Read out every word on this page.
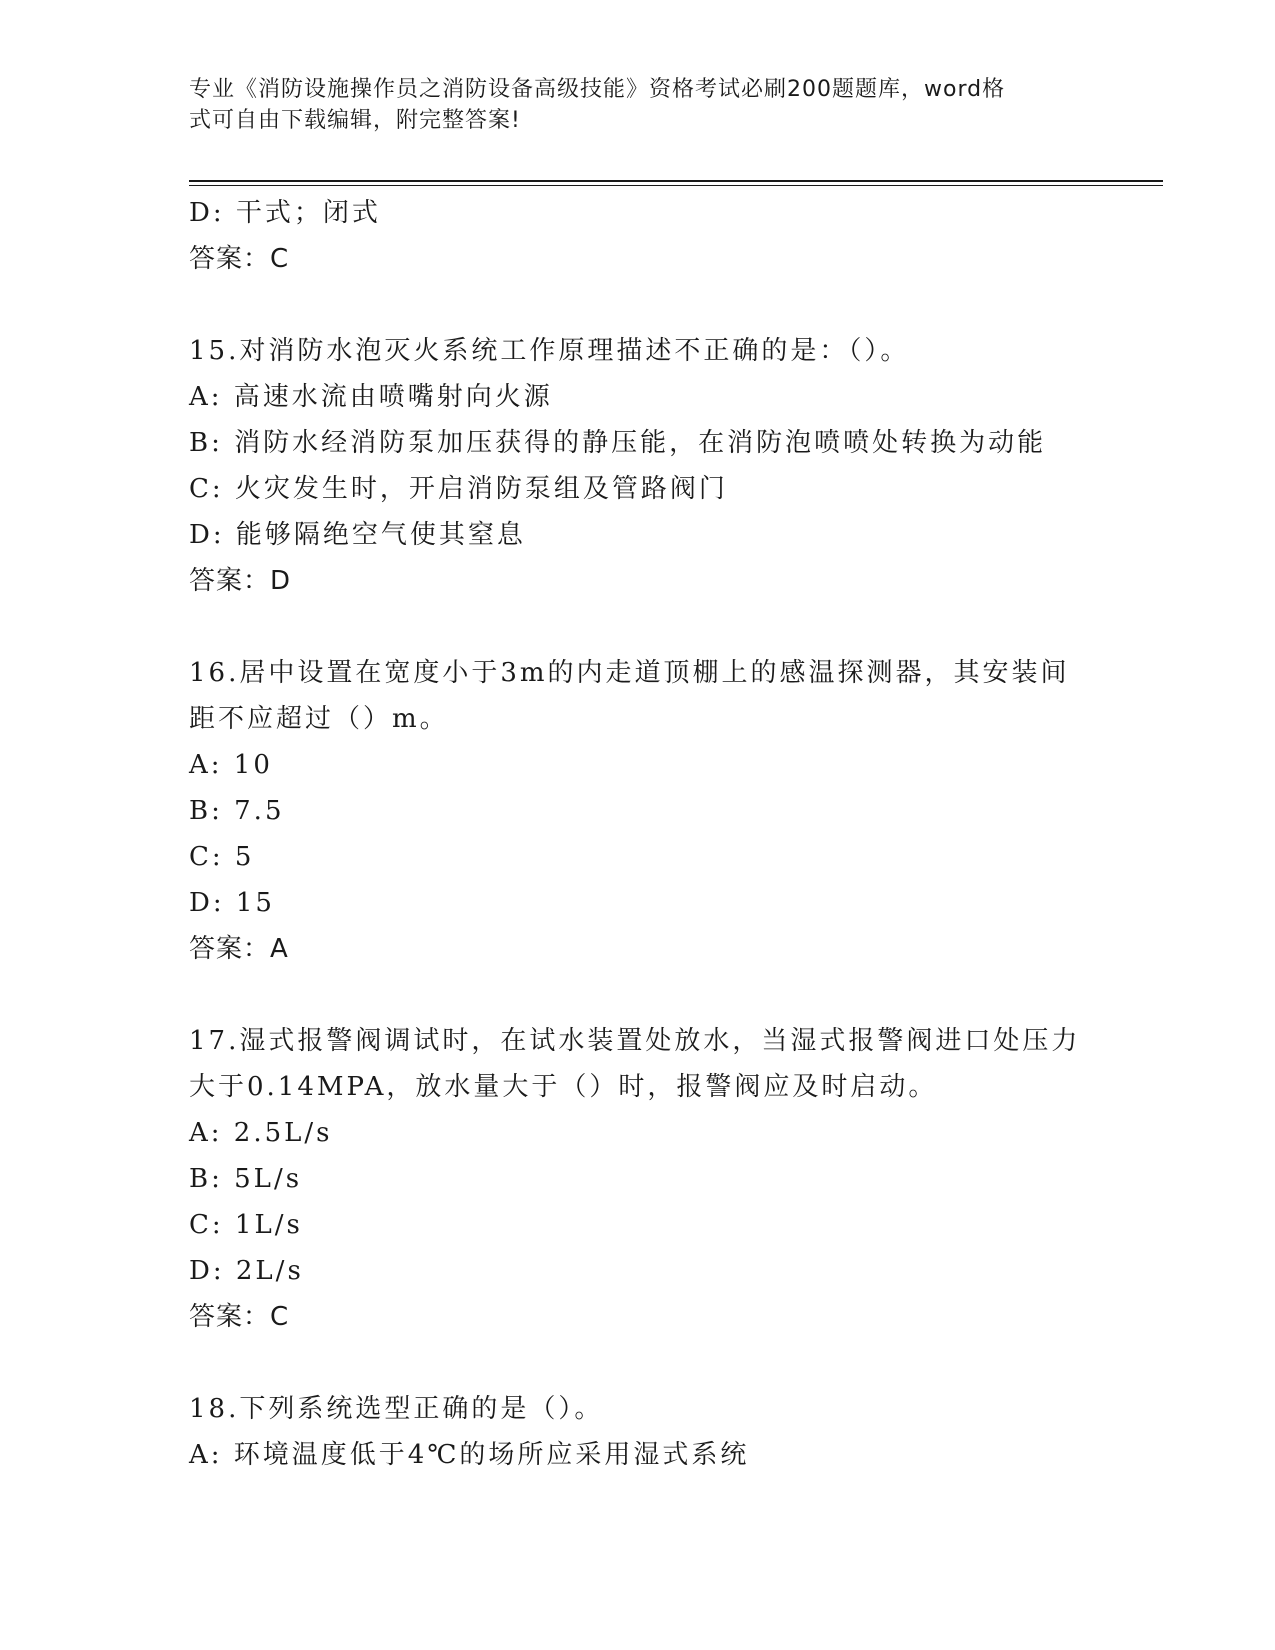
专业《消防设施操作员之消防设备高级技能》资格考试必刷200题题库，word格
式可自由下载编辑，附完整答案!
D: 干式；闭式
答案：C
15.对消防水泡灭火系统工作原理描述不正确的是：（）。
A: 高速水流由喷嘴射向火源
B: 消防水经消防泵加压获得的静压能，在消防泡喷喷处转换为动能
C: 火灾发生时，开启消防泵组及管路阀门
D: 能够隔绝空气使其窒息
答案：D
16.居中设置在宽度小于3m的内走道顶棚上的感温探测器，其安装间
距不应超过（）m。
A: 10
B: 7.5
C: 5
D: 15
答案：A
17.湿式报警阀调试时，在试水装置处放水，当湿式报警阀进口处压力
大于0.14MPA，放水量大于（）时，报警阀应及时启动。
A: 2.5L/s
B: 5L/s
C: 1L/s
D: 2L/s
答案：C
18.下列系统选型正确的是（）。
A: 环境温度低于4℃的场所应采用湿式系统
